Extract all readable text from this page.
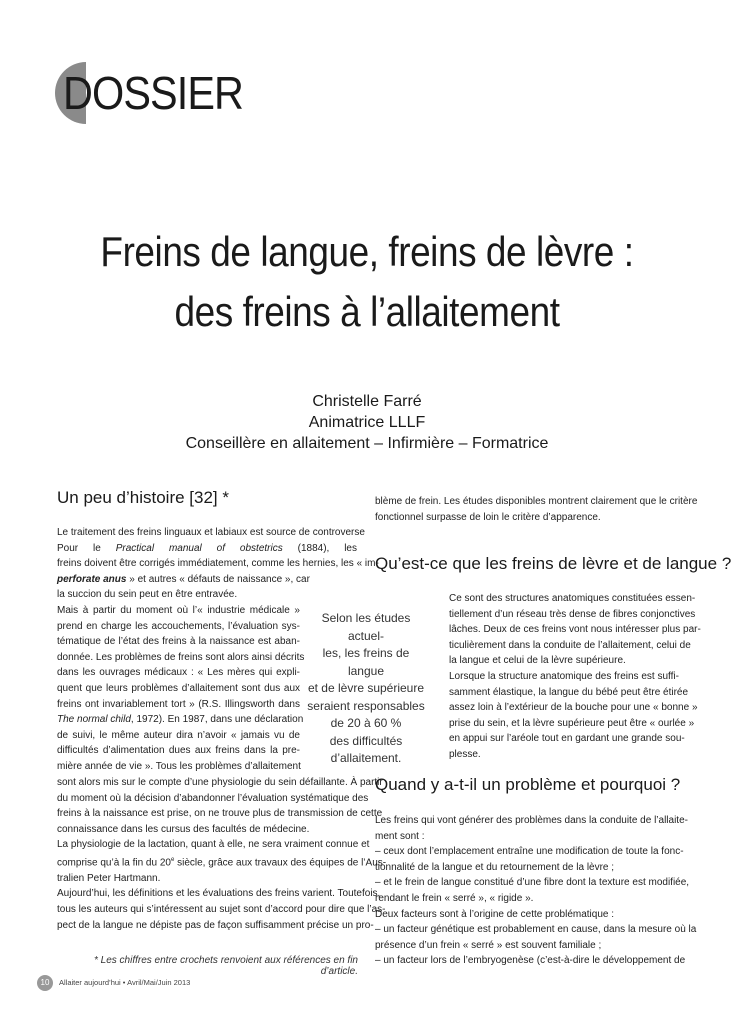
DOSSIER
Freins de langue, freins de lèvre :
des freins à l’allaitement
Christelle Farré
Animatrice LLLF
Conseillère en allaitement – Infirmière – Formatrice
Un peu d’histoire [32] *
Le traitement des freins linguaux et labiaux est source de controverse
Pour le Practical manual of obstetrics (1884), les
freins doivent être corrigés immédiatement, comme les hernies, les « im-
perforate anus » et autres « défauts de naissance », car
la succion du sein peut en être entravée.
Mais à partir du moment où l’« industrie médicale »
prend en charge les accouchements, l’évaluation sys-
tématique de l’état des freins à la naissance est aban-
donnée. Les problèmes de freins sont alors ainsi décrits
dans les ouvrages médicaux : « Les mères qui expli-
quent que leurs problèmes d’allaitement sont dus aux
freins ont invariablement tort » (R.S. Illingsworth dans
The normal child, 1972). En 1987, dans une déclaration
de suivi, le même auteur dira n’avoir « jamais vu de
difficultés d’alimentation dues aux freins dans la pre-
mière année de vie ». Tous les problèmes d’allaitement
sont alors mis sur le compte d’une physiologie du sein défaillante. À partir
du moment où la décision d’abandonner l’évaluation systématique des
freins à la naissance est prise, on ne trouve plus de transmission de cette
connaissance dans les cursus des facultés de médecine.
La physiologie de la lactation, quant à elle, ne sera vraiment connue et
comprise qu’à la fin du 20e siècle, grâce aux travaux des équipes de l’Aus-
tralien Peter Hartmann.
Aujourd’hui, les définitions et les évaluations des freins varient. Toutefois,
tous les auteurs qui s’intéressent au sujet sont d’accord pour dire que l’as-
pect de la langue ne dépiste pas de façon suffisamment précise un pro-
Selon les études actuel-
les, les freins de langue
et de lèvre supérieure
seraient responsables
de 20 à 60 %
des difficultés
d’allaitement.
blème de frein. Les études disponibles montrent clairement que le critère
fonctionnel surpasse de loin le critère d’apparence.
Qu’est-ce que les freins de lèvre et de langue ?
Ce sont des structures anatomiques constituées essen-
tiellement d’un réseau très dense de fibres conjonctives
lâches. Deux de ces freins vont nous intéresser plus par-
ticulièrement dans la conduite de l’allaitement, celui de
la langue et celui de la lèvre supérieure.
Lorsque la structure anatomique des freins est suffi-
samment élastique, la langue du bébé peut être étirée
assez loin à l’extérieur de la bouche pour une « bonne »
prise du sein, et la lèvre supérieure peut être « ourlée »
en appui sur l’aréole tout en gardant une grande sou-
plesse.
Quand y a-t-il un problème et pourquoi ?
Les freins qui vont générer des problèmes dans la conduite de l’allaite-
ment sont :
– ceux dont l’emplacement entraîne une modification de toute la fonc-
tionnalité de la langue et du retournement de la lèvre ;
– et le frein de langue constitué d’une fibre dont la texture est modifiée,
rendant le frein « serré », « rigide ».
Deux facteurs sont à l’origine de cette problématique :
– un facteur génétique est probablement en cause, dans la mesure où la
présence d’un frein « serré » est souvent familiale ;
– un facteur lors de l’embryogenèse (c’est-à-dire le développement de
* Les chiffres entre crochets renvoient aux références en fin d’article.
10	Allaiter aujourd’hui • Avril/Mai/Juin 2013
